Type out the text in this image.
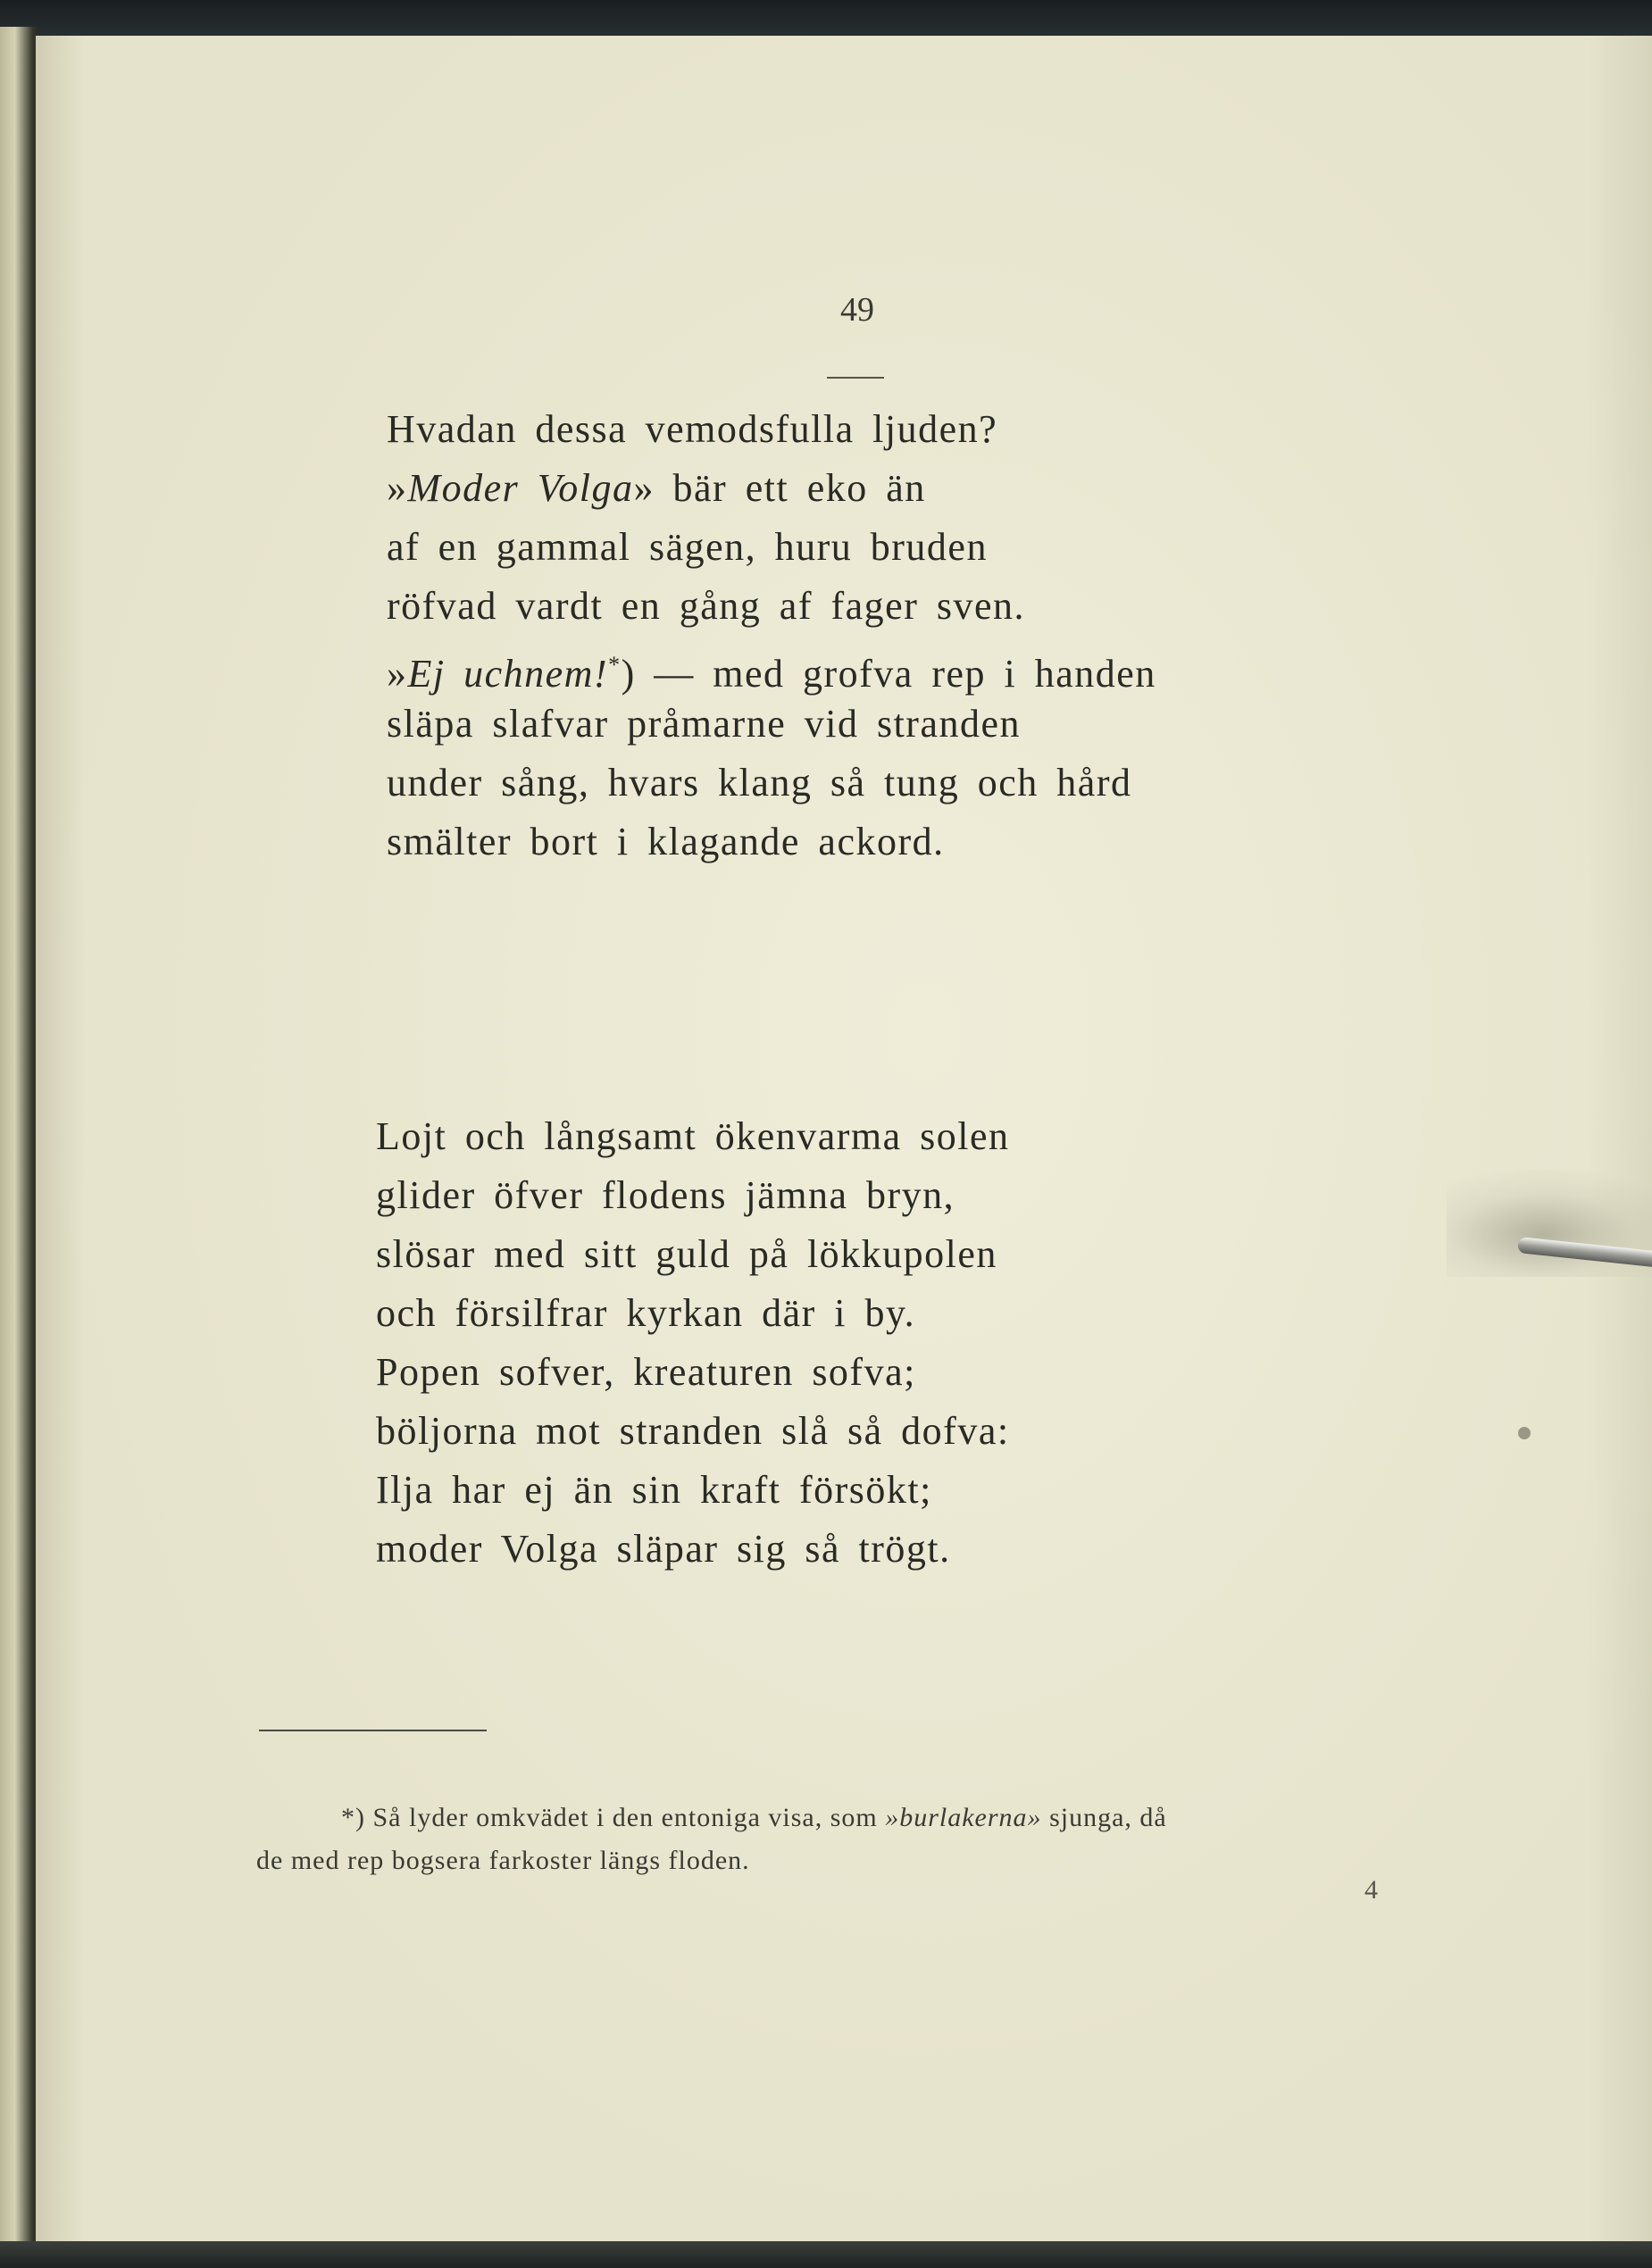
49
Hvadan dessa vemodsfulla ljuden?
»Moder Volga» bär ett eko än
af en gammal sägen, huru bruden
röfvad vardt en gång af fager sven.
»Ej uchnem!*) — med grofva rep i handen
släpa slafvar pråmarne vid stranden
under sång, hvars klang så tung och hård
smälter bort i klagande ackord.
Lojt och långsamt ökenvarma solen
glider öfver flodens jämna bryn,
slösar med sitt guld på lökkupolen
och försilfrar kyrkan där i by.
Popen sofver, kreaturen sofva;
böljorna mot stranden slå så dofva:
Ilja har ej än sin kraft försökt;
moder Volga släpar sig så trögt.
*) Så lyder omkvädet i den entoniga visa, som »burlakerna» sjunga, då
de med rep bogsera farkoster längs floden.
4
